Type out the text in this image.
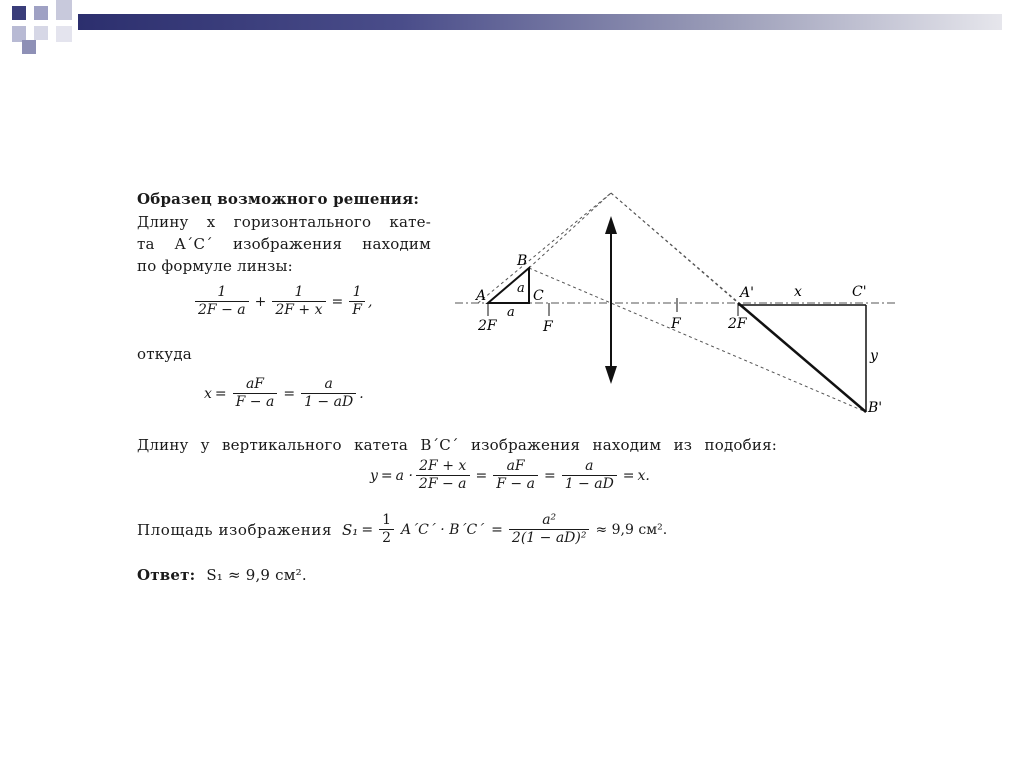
Образец возможного решения:
Длину x горизонтального кате-
та A´C´ изображения находим
по формуле линзы:
$\frac{1}{2F - a} + \frac{1}{2F + x} = \frac{1}{F}$ ,
откуда
$x = \frac{aF}{F - a} = \frac{a}{1 - aD}$ .
Длину y вертикального катета B´C´ изображения находим из подобия:
$y = a \cdot \frac{2F + x}{2F - a} = \frac{aF}{F - a} = \frac{a}{1 - aD} = x$.
Площадь изображения $S_1 = \frac{1}{2}$ A´C´ · B´C´ = $\frac{\text{a²}}{\text{2(1 − aD)²}} \approx 9,9$ см².
Ответ: S₁ ≈ 9,9 см².
A
B
C
a
a
2F	F	F	2F
A'	x	C'
y
B'
